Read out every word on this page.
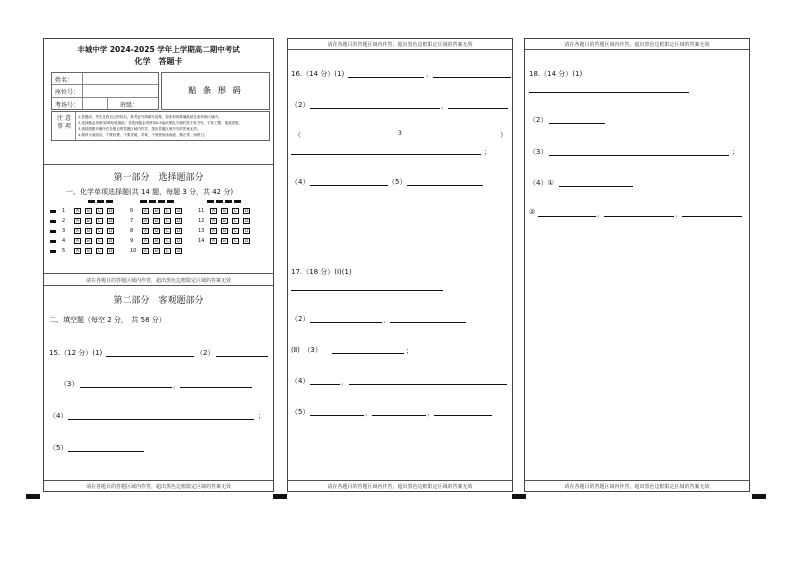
丰城中学 2024-2025 学年上学期高二期中考试
化学　答题卡
姓名：
座位号：
考场号：	班级：
贴 条 形 码
注 意 事 项
1.答题前，考生先将自己的姓名、准考证号码填写清楚，将条形码准确粘贴在条形码区域内。
2.选择题必须使用2B铅笔填涂；非选择题必须使用0.5毫米黑色字迹的签字笔书写，字体工整、笔迹清楚。
3.请按照题号顺序在各题目的答题区域内作答，超出答题区域书写的答案无效；
4.保持卡面清洁，不要折叠、不要弄破、弄皱，不准使用涂改液、修正带、刮纸刀。
第一部分　选择题部分
一、化学单项选择题(共 14 题，每题 3 分，共 42 分)
1	A	B	C	D
2	A	B	C	D
3	A	B	C	D
4	A	B	C	D
5	A	B	C	D
6	A	B	C	D
7	A	B	C	D
8	A	B	C	D
9	A	B	C	D
10	A	B	C	D
11	A	B	C	D
12	A	B	C	D
13	A	B	C	D
14	A	B	C	D
请在各题目的答题区域内作答，超出黑色边框限定区域的答案无效
第二部分　客观题部分
二、填空题（每空 2 分，　共 58 分）
15.（12 分）(1)	（2）
（3）	，
（4）	；
（5）
请在各题目的答题区域内作答，超出黑色边框限定区域的答案无效
请在各题目的答题区域内作答，超出黑色边框限定区域的答案无效
16.（14 分）(1)	，
（2）	，
（	3	）
；
（4）	（5）
17.（18 分）(Ⅰ)(1)
（2）	，
(Ⅱ)　（3）	；
（4）	，
（5）	，	，
请在各题目的答题区域内作答，超出黑色边框限定区域的答案无效
请在各题目的答题区域内作答，超出黑色边框限定区域的答案无效
18.（14 分）(1)
（2）
（3）	；
（4）①
②	，	，
请在各题目的答题区域内作答，超出黑色边框限定区域的答案无效
